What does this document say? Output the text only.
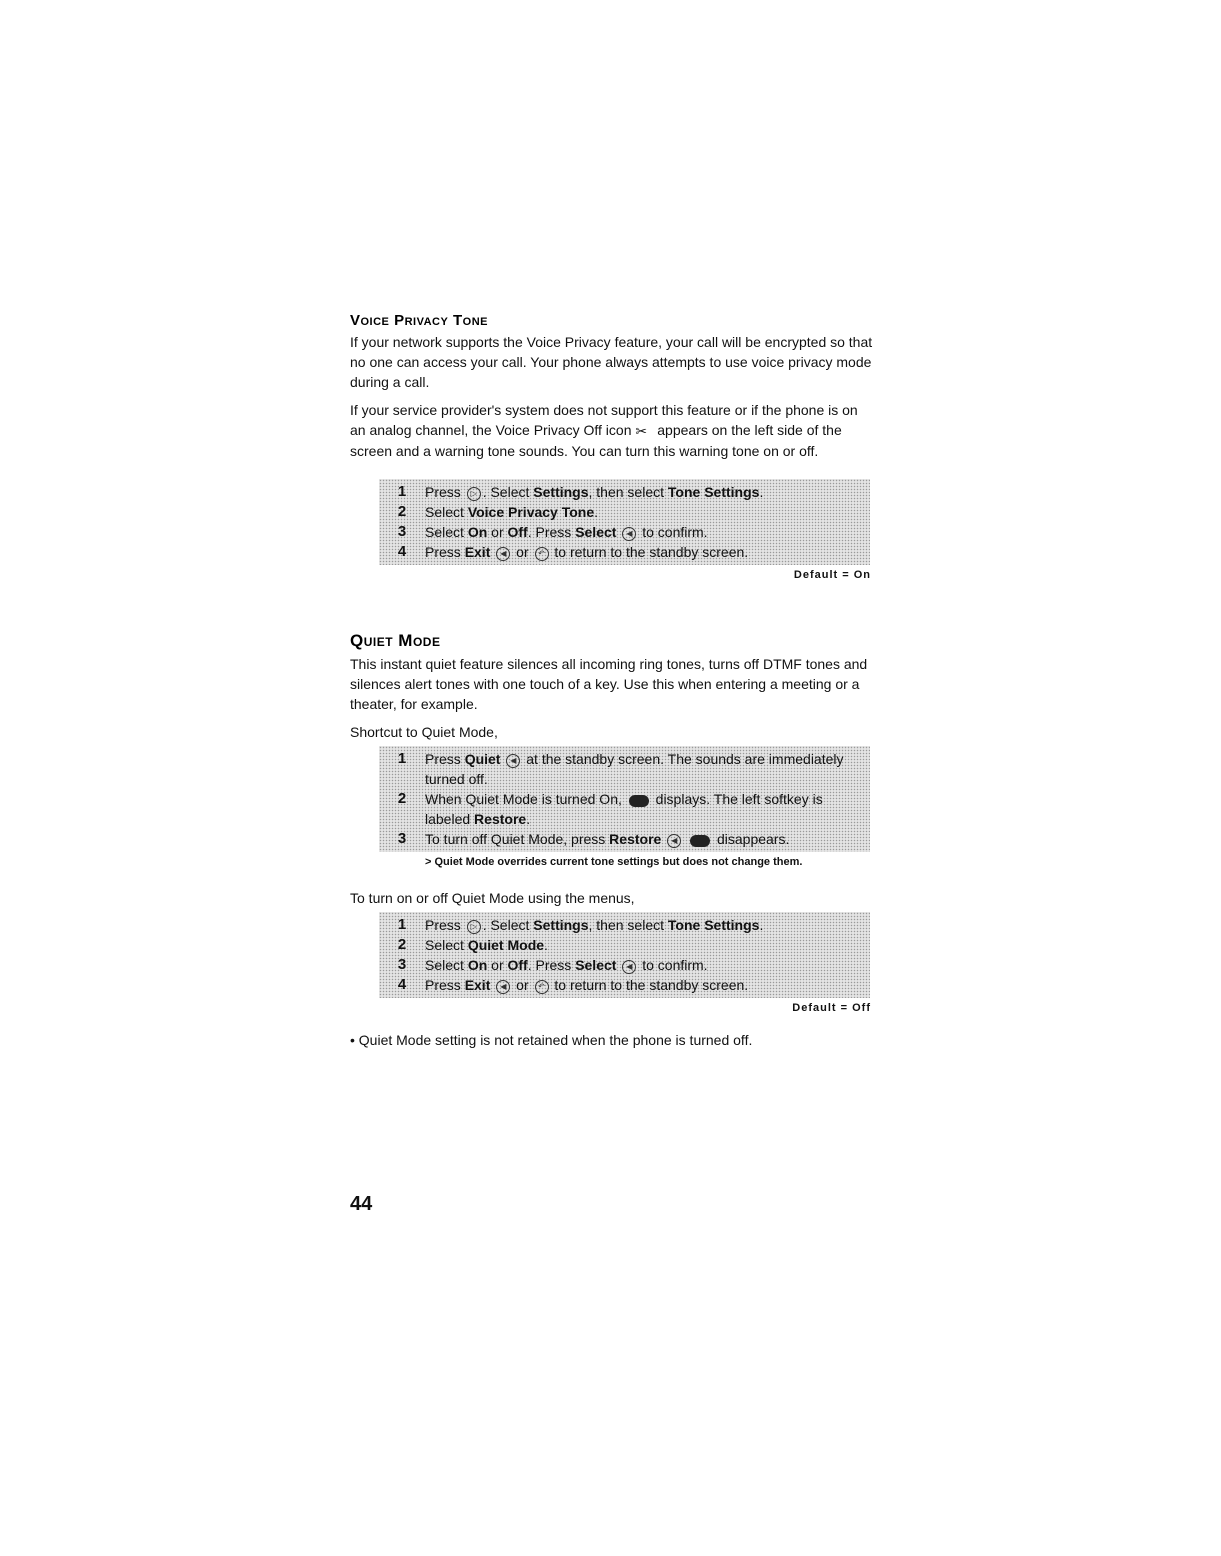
Voice Privacy Tone

If your network supports the Voice Privacy feature, your call will be encrypted so that no one can access your call. Your phone always attempts to use voice privacy mode during a call.

If your service provider's system does not support this feature or if the phone is on an analog channel, the Voice Privacy Off icon ✂ appears on the left side of the screen and a warning tone sounds. You can turn this warning tone on or off.

1	Press ▷ . Select Settings, then select Tone Settings.
2	Select Voice Privacy Tone.
3	Select On or Off. Press Select ◀ to confirm.
4	Press Exit ◀ or ↶ to return to the standby screen.
Default = On
Quiet Mode

This instant quiet feature silences all incoming ring tones, turns off DTMF tones and silences alert tones with one touch of a key. Use this when entering a meeting or a theater, for example.

Shortcut to Quiet Mode,

1	Press Quiet ◀ at the standby screen. The sounds are immediately turned off.
2	When Quiet Mode is turned On, displays. The left softkey is labeled Restore.
3	To turn off Quiet Mode, press Restore ◀	disappears.
> Quiet Mode overrides current tone settings but does not change them.

To turn on or off Quiet Mode using the menus,

1	Press ▷ . Select Settings, then select Tone Settings.
2	Select Quiet Mode.
3	Select On or Off. Press Select ◀ to confirm.
4	Press Exit ◀ or ↶ to return to the standby screen.
Default = Off

• Quiet Mode setting is not retained when the phone is turned off.

44
